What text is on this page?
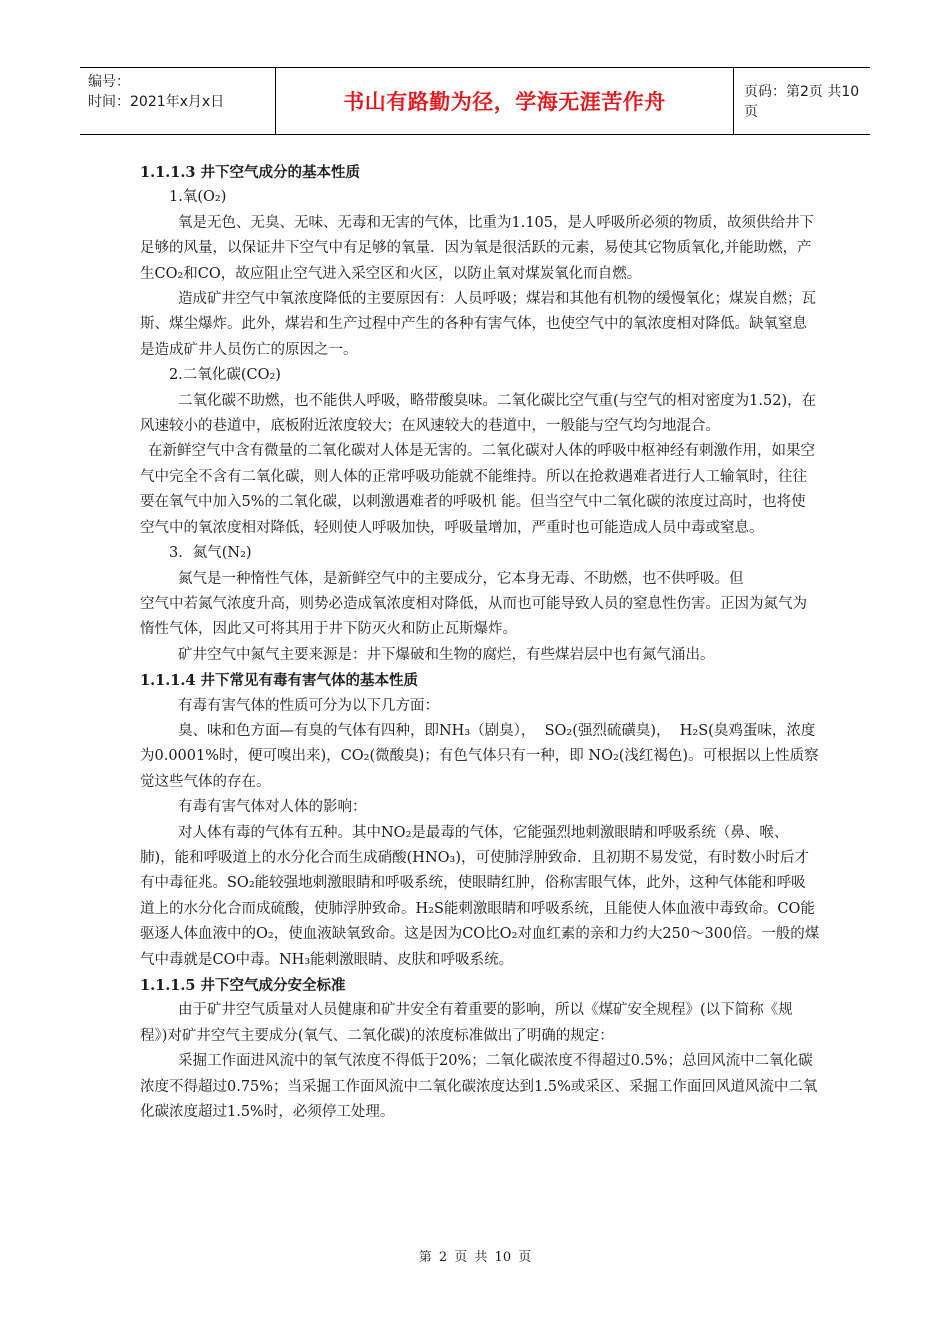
编号：
时间：2021年x月x日	书山有路勤为径，学海无涯苦作舟	页码：第2页 共10页

1.1.1.3 井下空气成分的基本性质

1.氧(O₂)

氧是无色、无臭、无味、无毒和无害的气体，比重为1.105，是人呼吸所必须的物质，故须供给井下足够的风量，以保证井下空气中有足够的氧量．因为氧是很活跃的元素，易使其它物质氧化,并能助燃，产生CO₂和CO，故应阻止空气进入采空区和火区，以防止氧对煤炭氧化而自燃。

造成矿井空气中氧浓度降低的主要原因有：人员呼吸；煤岩和其他有机物的缓慢氧化；煤炭自燃；瓦斯、煤尘爆炸。此外，煤岩和生产过程中产生的各种有害气体，也使空气中的氧浓度相对降低。缺氧窒息是造成矿井人员伤亡的原因之一。

2.二氧化碳(CO₂)

二氧化碳不助燃，也不能供人呼吸，略带酸臭味。二氧化碳比空气重(与空气的相对密度为1.52)，在风速较小的巷道中，底板附近浓度较大；在风速较大的巷道中，一般能与空气均匀地混合。

在新鲜空气中含有微量的二氧化碳对人体是无害的。二氧化碳对人体的呼吸中枢神经有刺激作用，如果空气中完全不含有二氧化碳，则人体的正常呼吸功能就不能维持。所以在抢救遇难者进行人工输氧时，往往要在氧气中加入5%的二氧化碳，以刺激遇难者的呼吸机 能。但当空气中二氧化碳的浓度过高时，也将使空气中的氧浓度相对降低，轻则使人呼吸加快，呼吸量增加，严重时也可能造成人员中毒或窒息。

3．氮气(N₂)

氮气是一种惰性气体，是新鲜空气中的主要成分，它本身无毒、不助燃，也不供呼吸。但

空气中若氮气浓度升高，则势必造成氧浓度相对降低，从而也可能导致人员的窒息性伤害。正因为氮气为惰性气体，因此又可将其用于井下防灭火和防止瓦斯爆炸。

矿井空气中氮气主要来源是：井下爆破和生物的腐烂，有些煤岩层中也有氮气涌出。

1.1.1.4 井下常见有毒有害气体的基本性质

有毒有害气体的性质可分为以下几方面：

臭、味和色方面—有臭的气体有四种，即NH₃（剧臭），  SO₂(强烈硫磺臭)，  H₂S(臭鸡蛋味，浓度为0.0001%时，便可嗅出来)，CO₂(微酸臭)；有色气体只有一种，即 NO₂(浅红褐色)。可根据以上性质察觉这些气体的存在。

有毒有害气体对人体的影响：

对人体有毒的气体有五种。其中NO₂是最毒的气体，它能强烈地刺激眼睛和呼吸系统（鼻、喉、肺)，能和呼吸道上的水分化合而生成硝酸(HNO₃)，可使肺浮肿致命．且初期不易发觉，有时数小时后才有中毒征兆。SO₂能较强地刺激眼睛和呼吸系统，使眼睛红肿，俗称害眼气体，此外，这种气体能和呼吸道上的水分化合而成硫酸，使肺浮肿致命。H₂S能刺激眼睛和呼吸系统，且能使人体血液中毒致命。CO能驱逐人体血液中的O₂，使血液缺氧致命。这是因为CO比O₂对血红素的亲和力约大250～300倍。一般的煤气中毒就是CO中毒。NH₃能刺激眼睛、皮肤和呼吸系统。

1.1.1.5 井下空气成分安全标准

由于矿井空气质量对人员健康和矿井安全有着重要的影响，所以《煤矿安全规程》(以下简称《规程》)对矿井空气主要成分(氧气、二氧化碳)的浓度标准做出了明确的规定：

采掘工作面进风流中的氧气浓度不得低于20%；二氧化碳浓度不得超过0.5%；总回风流中二氧化碳浓度不得超过0.75%；当采掘工作面风流中二氧化碳浓度达到1.5%或采区、采掘工作面回风道风流中二氧化碳浓度超过1.5%时，必须停工处理。

第 2 页 共 10 页
